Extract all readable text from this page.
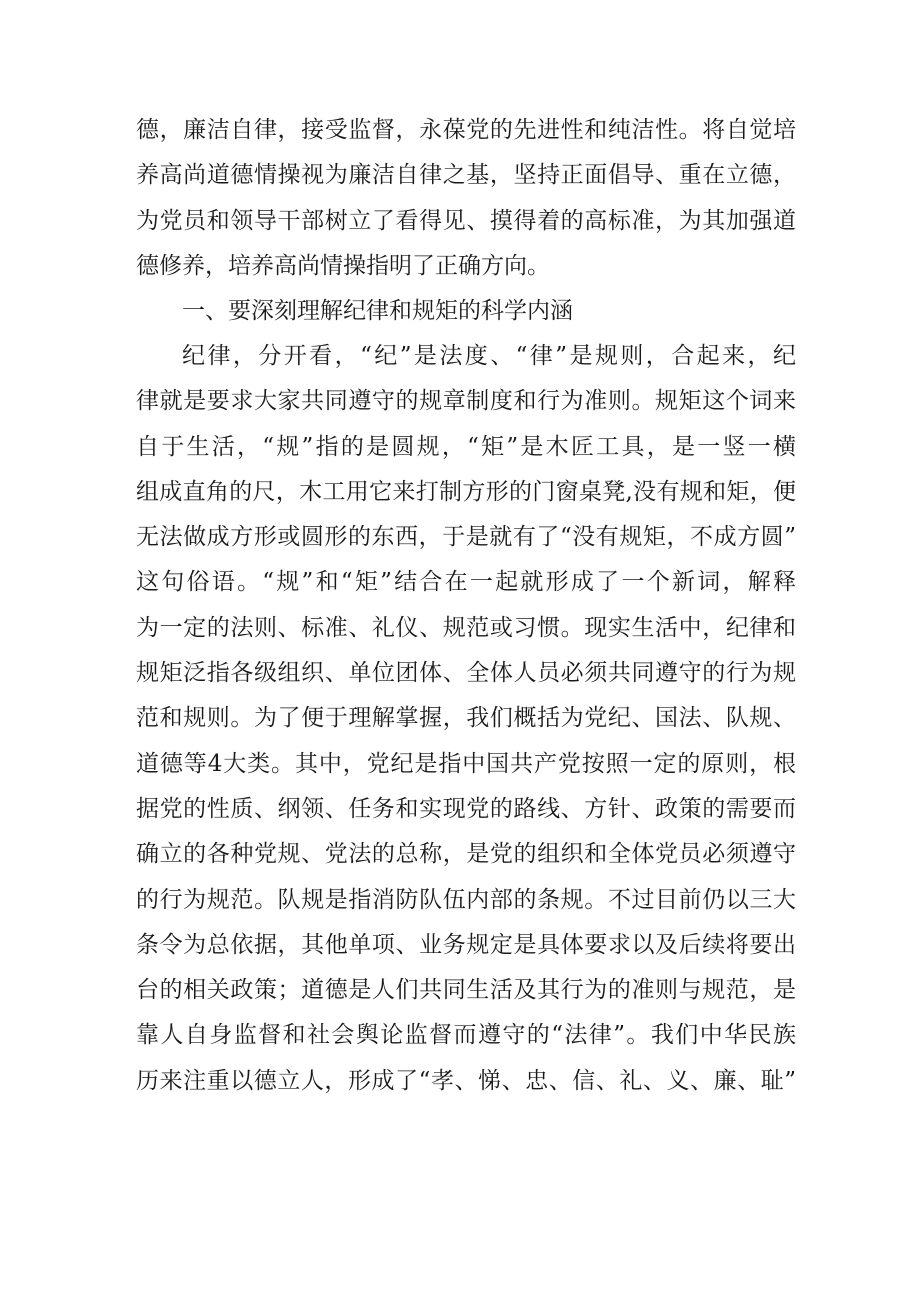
德，廉洁自律，接受监督，永葆党的先进性和纯洁性。将自觉培
养高尚道德情操视为廉洁自律之基，坚持正面倡导、重在立德，
为党员和领导干部树立了看得见、摸得着的高标准，为其加强道
德修养，培养高尚情操指明了正确方向。
一、要深刻理解纪律和规矩的科学内涵
纪律，分开看，“纪”是法度、“律”是规则，合起来，纪
律就是要求大家共同遵守的规章制度和行为准则。规矩这个词来
自于生活，“规”指的是圆规，“矩”是木匠工具，是一竖一横
组成直角的尺，木工用它来打制方形的门窗桌凳,没有规和矩，便
无法做成方形或圆形的东西，于是就有了“没有规矩，不成方圆”
这句俗语。“规”和“矩”结合在一起就形成了一个新词，解释
为一定的法则、标准、礼仪、规范或习惯。现实生活中，纪律和
规矩泛指各级组织、单位团体、全体人员必须共同遵守的行为规
范和规则。为了便于理解掌握，我们概括为党纪、国法、队规、
道德等4大类。其中，党纪是指中国共产党按照一定的原则，根
据党的性质、纲领、任务和实现党的路线、方针、政策的需要而
确立的各种党规、党法的总称，是党的组织和全体党员必须遵守
的行为规范。队规是指消防队伍内部的条规。不过目前仍以三大
条令为总依据，其他单项、业务规定是具体要求以及后续将要出
台的相关政策；道德是人们共同生活及其行为的准则与规范，是
靠人自身监督和社会舆论监督而遵守的“法律”。我们中华民族
历来注重以德立人，形成了“孝、悌、忠、信、礼、义、廉、耻”
